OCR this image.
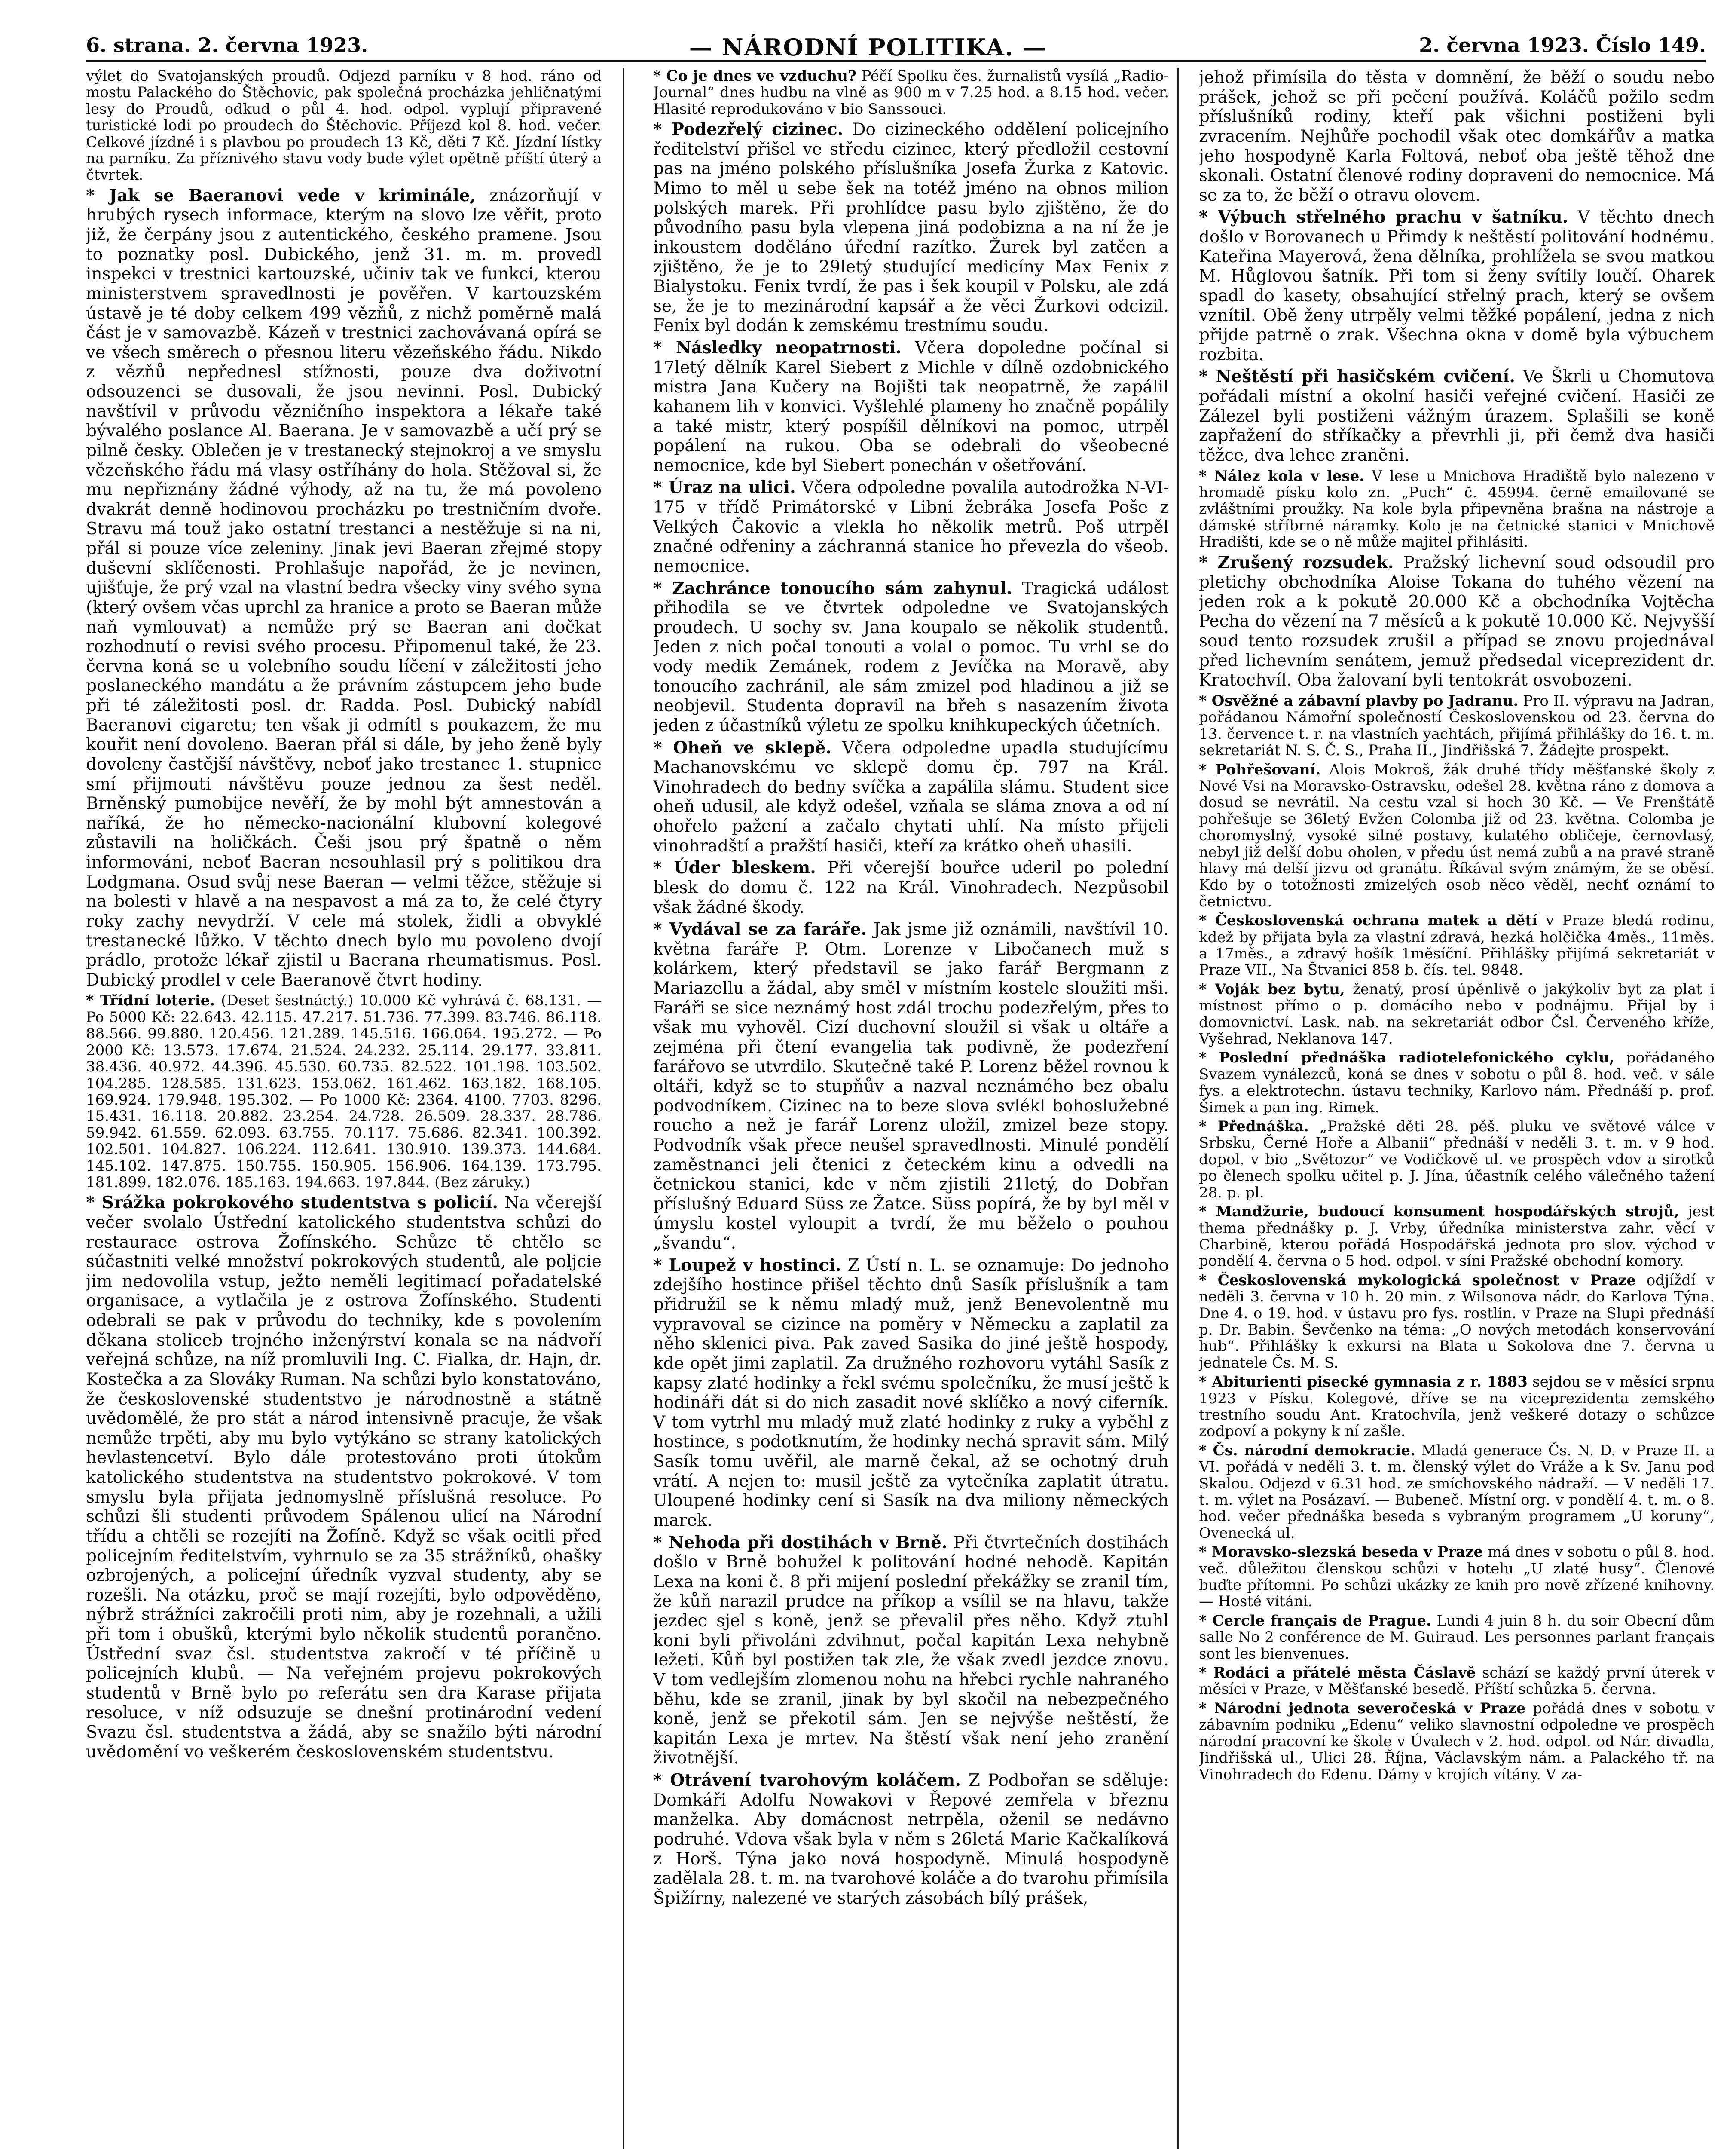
6. strana. 2. června 1923.	— NÁRODNÍ POLITIKA. —	2. června 1923. Číslo 149.

výlet do Svatojanských proudů. Odjezd parníku v 8 hod. ráno od mostu Palackého do Štěchovic, pak společná procházka jehličnatými lesy do Proudů, odkud o půl 4. hod. odpol. vyplují připravené turistické lodi po proudech do Štěchovic. Příjezd kol 8. hod. večer. Celkové jízdné i s plavbou po proudech 13 Kč, děti 7 Kč. Jízdní lístky na parníku. Za příznivého stavu vody bude výlet opětně příští úterý a čtvrtek.

* Jak se Baeranovi vede v kriminále, znázorňují v hrubých rysech informace, kterým na slovo lze věřit, proto již, že čerpány jsou z autentického, českého pramene. Jsou to poznatky posl. Dubického, jenž 31. m. m. provedl inspekci v trestnici kartouzské, učiniv tak ve funkci, kterou ministerstvem spravedlnosti je pověřen. V kartouzském ústavě je té doby celkem 499 vězňů, z nichž poměrně malá část je v samovazbě. Kázeň v trestnici zachovávaná opírá se ve všech směrech o přesnou literu vězeňského řádu. Nikdo z vězňů nepřednesl stížnosti, pouze dva doživotní odsouzenci se dusovali, že jsou nevinni. Posl. Dubický navštívil v průvodu vězničního inspektora a lékaře také bývalého poslance Al. Baerana. Je v samovazbě a učí prý se pilně česky. Oblečen je v trestanecký stejnokroj a ve smyslu vězeňského řádu má vlasy ostříhány do hola. Stěžoval si, že mu nepřiznány žádné výhody, až na tu, že má povoleno dvakrát denně hodinovou procházku po trestničním dvoře. Stravu má touž jako ostatní trestanci a nestěžuje si na ni, přál si pouze více zeleniny. Jinak jevi Baeran zřejmé stopy duševní sklíčenosti. Prohlašuje napořád, že je nevinen, ujišťuje, že prý vzal na vlastní bedra všecky viny svého syna (který ovšem včas uprchl za hranice a proto se Baeran může naň vymlouvat) a nemůže prý se Baeran ani dočkat rozhodnutí o revisi svého procesu. Připomenul také, že 23. června koná se u volebního soudu líčení v záležitosti jeho poslaneckého mandátu a že právním zástupcem jeho bude při té záležitosti posl. dr. Radda. Posl. Dubický nabídl Baeranovi cigaretu; ten však ji odmítl s poukazem, že mu kouřit není dovoleno. Baeran přál si dále, by jeho ženě byly dovoleny častější návštěvy, neboť jako trestanec 1. stupnice smí přijmouti návštěvu pouze jednou za šest neděl. Brněnský pumobijce nevěří, že by mohl být amnestován a naříká, že ho německo-nacionální klubovní kolegové zůstavili na holičkách. Češi jsou prý špatně o něm informováni, neboť Baeran nesouhlasil prý s politikou dra Lodgmana. Osud svůj nese Baeran — velmi těžce, stěžuje si na bolesti v hlavě a na nespavost a má za to, že celé čtyry roky zachy nevydrží. V cele má stolek, židli a obvyklé trestanecké lůžko. V těchto dnech bylo mu povoleno dvojí prádlo, protože lékař zjistil u Baerana rheumatismus. Posl. Dubický prodlel v cele Baeranově čtvrt hodiny.

* Třídní loterie. (Deset šestnáctý.) 10.000 Kč vyhrává č. 68.131. — Po 5000 Kč: 22.643. 42.115. 47.217. 51.736. 77.399. 83.746. 86.118. 88.566. 99.880. 120.456. 121.289. 145.516. 166.064. 195.272. — Po 2000 Kč: 13.573. 17.674. 21.524. 24.232. 25.114. 29.177. 33.811. 38.436. 40.972. 44.396. 45.530. 60.735. 82.522. 101.198. 103.502. 104.285. 128.585. 131.623. 153.062. 161.462. 163.182. 168.105. 169.924. 179.948. 195.302. — Po 1000 Kč: 2364. 4100. 7703. 8296. 15.431. 16.118. 20.882. 23.254. 24.728. 26.509. 28.337. 28.786. 59.942. 61.559. 62.093. 63.755. 70.117. 75.686. 82.341. 100.392. 102.501. 104.827. 106.224. 112.641. 130.910. 139.373. 144.684. 145.102. 147.875. 150.755. 150.905. 156.906. 164.139. 173.795. 181.899. 182.076. 185.163. 194.663. 197.844. (Bez záruky.)

* Srážka pokrokového studentstva s policií. Na včerejší večer svolalo Ústřední katolického studentstva schůzi do restaurace ostrova Žofínského. Schůze tě chtělo se súčastniti velké množství pokrokových studentů, ale poljcie jim nedovolila vstup, ježto neměli legitimací pořadatelské organisace, a vytlačila je z ostrova Žofínského. Studenti odebrali se pak v průvodu do techniky, kde s povolením děkana stoliceb trojného inženýrství konala se na nádvoří veřejná schůze, na níž promluvili Ing. C. Fialka, dr. Hajn, dr. Kostečka a za Slováky Ruman. Na schůzi bylo konstatováno, že československé studentstvo je národnostně a státně uvědomělé, že pro stát a národ intensivně pracuje, že však nemůže trpěti, aby mu bylo vytýkáno se strany katolických hevlastencetví. Bylo dále protestováno proti útokům katolického studentstva na studentstvo pokrokové. V tom smyslu byla přijata jednomyslně příslušná resoluce. Po schůzi šli studenti průvodem Spálenou ulicí na Národní třídu a chtěli se rozejíti na Žofíně. Když se však ocitli před policejním ředitelstvím, vyhrnulo se za 35 strážníků, ohašky ozbrojených, a policejní úředník vyzval studenty, aby se rozešli. Na otázku, proč se mají rozejíti, bylo odpověděno, nýbrž strážníci zakročili proti nim, aby je rozehnali, a užili při tom i obušků, kterými bylo několik studentů poraněno. Ústřední svaz čsl. studentstva zakročí v té příčině u policejních klubů. — Na veřejném projevu pokrokových studentů v Brně bylo po referátu sen dra Karase přijata resoluce, v níž odsuzuje se dnešní protinárodní vedení Svazu čsl. studentstva a žádá, aby se snažilo býti národní uvědomění vo veškerém československém studentstvu.

* Co je dnes ve vzduchu? Péčí Spolku čes. žurnalistů vysílá „Radio-Journal“ dnes hudbu na vlně as 900 m v 7.25 hod. a 8.15 hod. večer. Hlasité reprodukováno v bio Sanssouci.

* Podezřelý cizinec. Do cizineckého oddělení policejního ředitelství přišel ve středu cizinec, který předložil cestovní pas na jméno polského příslušníka Josefa Žurka z Katovic. Mimo to měl u sebe šek na totéž jméno na obnos milion polských marek. Při prohlídce pasu bylo zjištěno, že do původního pasu byla vlepena jiná podobizna a na ní že je inkoustem doděláno úřední razítko. Žurek byl zatčen a zjištěno, že je to 29letý studující medicíny Max Fenix z Bialystoku. Fenix tvrdí, že pas i šek koupil v Polsku, ale zdá se, že je to mezinárodní kapsář a že věci Žurkovi odcizil. Fenix byl dodán k zemskému trestnímu soudu.

* Následky neopatrnosti. Včera dopoledne počínal si 17letý dělník Karel Siebert z Michle v dílně ozdobnického mistra Jana Kučery na Bojišti tak neopatrně, že zapálil kahanem lih v konvici. Vyšlehlé plameny ho značně popálily a také mistr, který pospíšil dělníkovi na pomoc, utrpěl popálení na rukou. Oba se odebrali do všeobecné nemocnice, kde byl Siebert ponechán v ošetřování.

* Úraz na ulici. Včera odpoledne povalila autodrožka N-VI-175 v třídě Primátorské v Libni žebráka Josefa Poše z Velkých Čakovic a vlekla ho několik metrů. Poš utrpěl značné odřeniny a záchranná stanice ho převezla do všeob. nemocnice.

* Zachránce tonoucího sám zahynul. Tragická událost přihodila se ve čtvrtek odpoledne ve Svatojanských proudech. U sochy sv. Jana koupalo se několik studentů. Jeden z nich počal tonouti a volal o pomoc. Tu vrhl se do vody medik Zemánek, rodem z Jevíčka na Moravě, aby tonoucího zachránil, ale sám zmizel pod hladinou a již se neobjevil. Studenta dopravil na břeh s nasazením života jeden z účastníků výletu ze spolku knihkupeckých účetních.

* Oheň ve sklepě. Včera odpoledne upadla studujícímu Machanovskému ve sklepě domu čp. 797 na Král. Vinohradech do bedny svíčka a zapálila slámu. Student sice oheň udusil, ale když odešel, vzňala se sláma znova a od ní ohořelo pažení a začalo chytati uhlí. Na místo přijeli vinohradští a pražští hasiči, kteří za krátko oheň uhasili.

* Úder bleskem. Při včerejší bouřce uderil po polední blesk do domu č. 122 na Král. Vinohradech. Nezpůsobil však žádné škody.

* Vydával se za faráře. Jak jsme již oznámili, navštívil 10. května faráře P. Otm. Lorenze v Libočanech muž s kolárkem, který představil se jako farář Bergmann z Mariazellu a žádal, aby směl v místním kostele sloužiti mši. Faráři se sice neznámý host zdál trochu podezřelým, přes to však mu vyhověl. Cizí duchovní sloužil si však u oltáře a zejména při čtení evangelia tak podivně, že podezření farářovo se utvrdilo. Skutečně také P. Lorenz běžel rovnou k oltáři, když se to stupňův a nazval neznámého bez obalu podvodníkem. Cizinec na to beze slova svlékl bohoslužebné roucho a než je farář Lorenz uložil, zmizel beze stopy. Podvodník však přece neušel spravedlnosti. Minulé pondělí zaměstnanci jeli čtenici z četeckém kinu a odvedli na četnickou stanici, kde v něm zjistili 21letý, do Dobřan příslušný Eduard Süss ze Žatce. Süss popírá, že by byl měl v úmyslu kostel vyloupit a tvrdí, že mu běželo o pouhou „švandu“.

* Loupež v hostinci. Z Ústí n. L. se oznamuje: Do jednoho zdejšího hostince přišel těchto dnů Sasík příslušník a tam přidružil se k němu mladý muž, jenž Benevolentně mu vypravoval se cizince na poměry v Německu a zaplatil za něho sklenici piva. Pak zaved Sasika do jiné ještě hospody, kde opět jimi zaplatil. Za družného rozhovoru vytáhl Sasík z kapsy zlaté hodinky a řekl svému společníku, že musí ještě k hodináři dát si do nich zasadit nové sklíčko a nový ciferník. V tom vytrhl mu mladý muž zlaté hodinky z ruky a vyběhl z hostince, s podotknutím, že hodinky nechá spravit sám. Milý Sasík tomu uvěřil, ale marně čekal, až se ochotný druh vrátí. A nejen to: musil ještě za vytečníka zaplatit útratu. Uloupené hodinky cení si Sasík na dva miliony německých marek.

* Nehoda při dostihách v Brně. Při čtvrtečních dostihách došlo v Brně bohužel k politování hodné nehodě. Kapitán Lexa na koni č. 8 při mijení poslední překážky se zranil tím, že kůň narazil prudce na příkop a vsílil se na hlavu, takže jezdec sjel s koně, jenž se převalil přes něho. Když ztuhl koni byli přivoláni zdvihnut, počal kapitán Lexa nehybně ležeti. Kůň byl postižen tak zle, že však zvedl jezdce znovu. V tom vedlejším zlomenou nohu na hřebci rychle nahraného běhu, kde se zranil, jinak by byl skočil na nebezpečného koně, jenž se překotil sám. Jen se nejvýše neštěstí, že kapitán Lexa je mrtev. Na štěstí však není jeho zranění životnější.

* Otrávení tvarohovým koláčem. Z Podbořan se sděluje: Domkáři Adolfu Nowakovi v Řepové zemřela v březnu manželka. Aby domácnost netrpěla, oženil se nedávno podruhé. Vdova však byla v něm s 26letá Marie Kačkalíková z Horš. Týna jako nová hospodyně. Minulá hospodyně zadělala 28. t. m. na tvarohové koláče a do tvarohu přimísila Špižírny, nalezené ve starých zásobách bílý prášek,

jehož přimísila do těsta v domnění, že běží o soudu nebo prášek, jehož se při pečení používá. Koláčů požilo sedm příslušníků rodiny, kteří pak všichni postiženi byli zvracením. Nejhůře pochodil však otec domkářův a matka jeho hospodyně Karla Foltová, neboť oba ještě těhož dne skonali. Ostatní členové rodiny dopraveni do nemocnice. Má se za to, že běží o otravu olovem.

* Výbuch střelného prachu v šatníku. V těchto dnech došlo v Borovanech u Přimdy k neštěstí politování hodnému. Kateřina Mayerová, žena dělníka, prohlížela se svou matkou M. Hůglovou šatník. Při tom si ženy svítily loučí. Oharek spadl do kasety, obsahující střelný prach, který se ovšem vznítil. Obě ženy utrpěly velmi těžké popálení, jedna z nich přijde patrně o zrak. Všechna okna v domě byla výbuchem rozbita.

* Neštěstí při hasičském cvičení. Ve Škrli u Chomutova pořádali místní a okolní hasiči veřejné cvičení. Hasiči ze Zálezel byli postiženi vážným úrazem. Splašili se koně zapřažení do stříkačky a převrhli ji, při čemž dva hasiči těžce, dva lehce zraněni.

* Nález kola v lese. V lese u Mnichova Hradiště bylo nalezeno v hromadě písku kolo zn. „Puch“ č. 45994. černě emailované se zvláštními proužky. Na kole byla připevněna brašna na nástroje a dámské stříbrné náramky. Kolo je na četnické stanici v Mnichově Hradišti, kde se o ně může majitel přihlásiti.

* Zrušený rozsudek. Pražský lichevní soud odsoudil pro pletichy obchodníka Aloise Tokana do tuhého vězení na jeden rok a k pokutě 20.000 Kč a obchodníka Vojtěcha Pecha do vězení na 7 měsíců a k pokutě 10.000 Kč. Nejvyšší soud tento rozsudek zrušil a případ se znovu projednával před lichevním senátem, jemuž předsedal viceprezident dr. Kratochvíl. Oba žalovaní byli tentokrát osvobozeni.

* Osvěžné a zábavní plavby po Jadranu. Pro II. výpravu na Jadran, pořádanou Námořní společností Československou od 23. června do 13. července t. r. na vlastních yachtách, přijímá přihlášky do 16. t. m. sekretariát N. S. Č. S., Praha II., Jindřišská 7. Žádejte prospekt.

* Pohřešovaní. Alois Mokroš, žák druhé třídy měšťanské školy z Nové Vsi na Moravsko-Ostravsku, odešel 28. května ráno z domova a dosud se nevrátil. Na cestu vzal si hoch 30 Kč. — Ve Frenštátě pohřešuje se 36letý Evžen Colomba již od 23. května. Colomba je choromyslný, vysoké silné postavy, kulatého obličeje, černovlasý, nebyl již delší dobu oholen, v předu úst nemá zubů a na pravé straně hlavy má delší jizvu od granátu. Říkával svým známým, že se oběsí. Kdo by o totožnosti zmizelých osob něco věděl, nechť oznámí to četnictvu.

* Československá ochrana matek a dětí v Praze bledá rodinu, kdež by přijata byla za vlastní zdravá, hezká holčička 4měs., 11měs. a 17měs., a zdravý hošík 1měsíční. Přihlášky přijímá sekretariát v Praze VII., Na Štvanici 858 b. čís. tel. 9848.

* Voják bez bytu, ženatý, prosí úpěnlivě o jakýkoliv byt za plat i místnost přímo o p. domácího nebo v podnájmu. Přijal by i domovnictví. Lask. nab. na sekretariát odbor Čsl. Červeného kříže, Vyšehrad, Neklanova 147.

* Poslední přednáška radiotelefonického cyklu, pořádaného Svazem vynálezců, koná se dnes v sobotu o půl 8. hod. več. v sále fys. a elektrotechn. ústavu techniky, Karlovo nám. Přednáší p. prof. Šimek a pan ing. Rimek.

* Přednáška. „Pražské děti 28. pěš. pluku ve světové válce v Srbsku, Černé Hoře a Albanii“ přednáší v neděli 3. t. m. v 9 hod. dopol. v bio „Světozor“ ve Vodičkově ul. ve prospěch vdov a sirotků po členech spolku učitel p. J. Jína, účastník celého válečného tažení 28. p. pl.

* Mandžurie, budoucí konsument hospodářských strojů, jest thema přednášky p. J. Vrby, úředníka ministerstva zahr. věcí v Charbině, kterou pořádá Hospodářská jednota pro slov. východ v pondělí 4. června o 5 hod. odpol. v síni Pražské obchodní komory.

* Československá mykologická společnost v Praze odjíždí v neděli 3. června v 10 h. 20 min. z Wilsonova nádr. do Karlova Týna. Dne 4. o 19. hod. v ústavu pro fys. rostlin. v Praze na Slupi přednáší p. Dr. Babin. Ševčenko na téma: „O nových metodách konservování hub“. Přihlášky k exkursi na Blata u Sokolova dne 7. června u jednatele Čs. M. S.

* Abiturienti pisecké gymnasia z r. 1883 sejdou se v měsíci srpnu 1923 v Písku. Kolegové, dříve se na viceprezidenta zemského trestního soudu Ant. Kratochvíla, jenž veškeré dotazy o schůzce zodpoví a pokyny k ní zašle.

* Čs. národní demokracie. Mladá generace Čs. N. D. v Praze II. a VI. pořádá v neděli 3. t. m. členský výlet do Vráže a k Sv. Janu pod Skalou. Odjezd v 6.31 hod. ze smíchovského nádraží. — V neděli 17. t. m. výlet na Posázaví. — Bubeneč. Místní org. v pondělí 4. t. m. o 8. hod. večer přednáška beseda s vybraným programem „U koruny“, Ovenecká ul.

* Moravsko-slezská beseda v Praze má dnes v sobotu o půl 8. hod. več. důležitou členskou schůzi v hotelu „U zlaté husy“. Členové buďte přítomni. Po schůzi ukázky ze knih pro nově zřízené knihovny. — Hosté vítáni.

* Cercle français de Prague. Lundi 4 juin 8 h. du soir Obecní dům salle No 2 conférence de M. Guiraud. Les personnes parlant français sont les bienvenues.

* Rodáci a přátelé města Čáslavě schází se každý první úterek v měsíci v Praze, v Měšťanské besedě. Příští schůzka 5. června.

* Národní jednota severočeská v Praze pořádá dnes v sobotu v zábavním podniku „Edenu“ veliko slavnostní odpoledne ve prospěch národní pracovní ke škole v Úvalech v 2. hod. odpol. od Nár. divadla, Jindřišská ul., Ulici 28. Října, Václavským nám. a Palackého tř. na Vinohradech do Edenu. Dámy v krojích vítány. V za-
